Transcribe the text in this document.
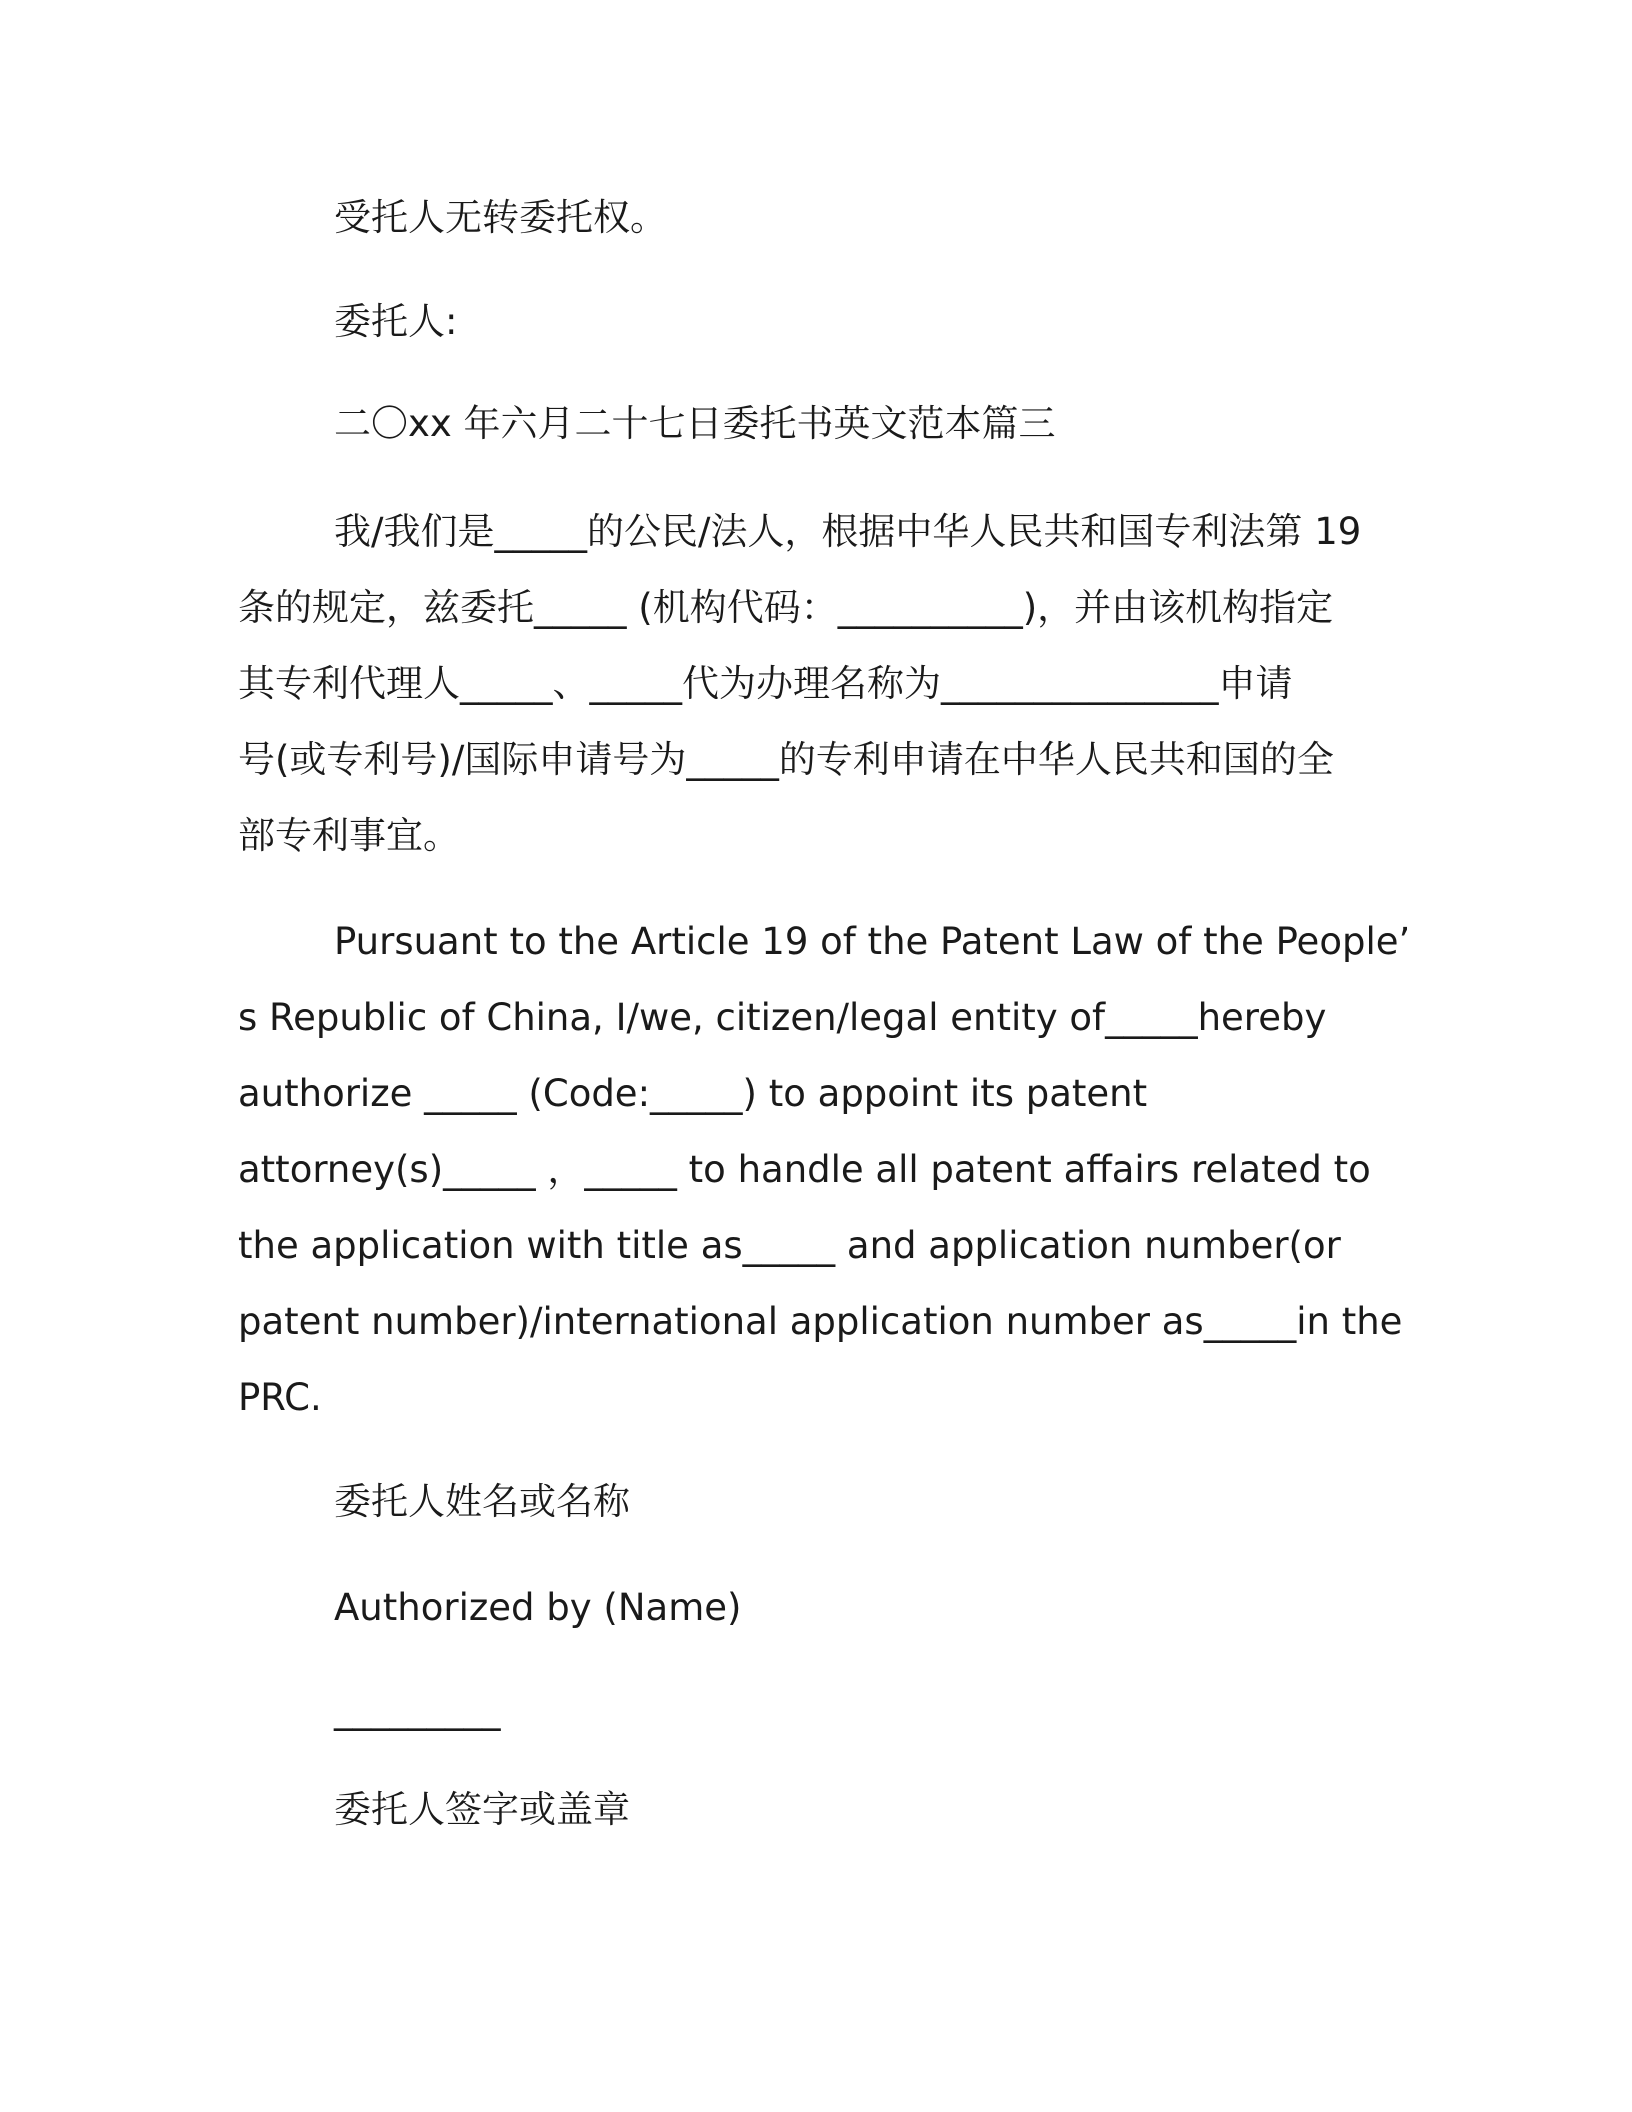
受托人无转委托权。

委托人:

二〇xx 年六月二十七日委托书英文范本篇三

我/我们是_____的公民/法人，根据中华人民共和国专利法第 19

条的规定，兹委托_____ (机构代码：__________)，并由该机构指定

其专利代理人_____、_____代为办理名称为_______________申请

号(或专利号)/国际申请号为_____的专利申请在中华人民共和国的全

部专利事宜。

Pursuant to the Article 19 of the Patent Law of the People’

s Republic of China, I/we, citizen/legal entity of_____hereby

authorize _____ (Code:_____) to appoint its patent

attorney(s)_____ ，_____ to handle all patent affairs related to

the application with title as_____ and application number(or

patent number)/international application number as_____in the

PRC.

委托人姓名或名称

Authorized by (Name)

_________

委托人签字或盖章
